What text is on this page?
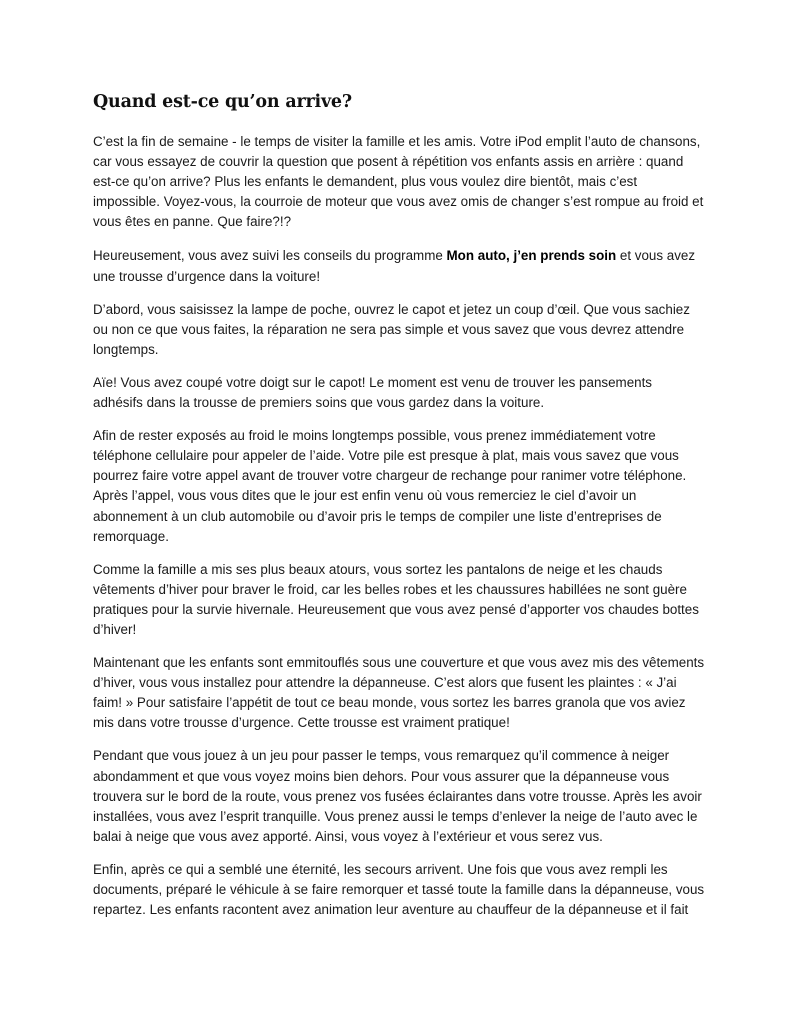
Quand est-ce qu’on arrive?

C’est la fin de semaine - le temps de visiter la famille et les amis. Votre iPod emplit l’auto de chansons, car vous essayez de couvrir la question que posent à répétition vos enfants assis en arrière : quand est-ce qu’on arrive? Plus les enfants le demandent, plus vous voulez dire bientôt, mais c’est impossible. Voyez-vous, la courroie de moteur que vous avez omis de changer s’est rompue au froid et vous êtes en panne. Que faire?!?

Heureusement, vous avez suivi les conseils du programme Mon auto, j’en prends soin et vous avez une trousse d’urgence dans la voiture!

D’abord, vous saisissez la lampe de poche, ouvrez le capot et jetez un coup d’œil. Que vous sachiez ou non ce que vous faites, la réparation ne sera pas simple et vous savez que vous devrez attendre longtemps.

Aïe! Vous avez coupé votre doigt sur le capot! Le moment est venu de trouver les pansements adhésifs dans la trousse de premiers soins que vous gardez dans la voiture.

Afin de rester exposés au froid le moins longtemps possible, vous prenez immédiatement votre téléphone cellulaire pour appeler de l’aide. Votre pile est presque à plat, mais vous savez que vous pourrez faire votre appel avant de trouver votre chargeur de rechange pour ranimer votre téléphone. Après l’appel, vous vous dites que le jour est enfin venu où vous remerciez le ciel d’avoir un abonnement à un club automobile ou d’avoir pris le temps de compiler une liste d’entreprises de remorquage.

Comme la famille a mis ses plus beaux atours, vous sortez les pantalons de neige et les chauds vêtements d’hiver pour braver le froid, car les belles robes et les chaussures habillées ne sont guère pratiques pour la survie hivernale. Heureusement que vous avez pensé d’apporter vos chaudes bottes d’hiver!

Maintenant que les enfants sont emmitouflés sous une couverture et que vous avez mis des vêtements d’hiver, vous vous installez pour attendre la dépanneuse. C’est alors que fusent les plaintes : « J’ai faim! » Pour satisfaire l’appétit de tout ce beau monde, vous sortez les barres granola que vos aviez mis dans votre trousse d’urgence. Cette trousse est vraiment pratique!

Pendant que vous jouez à un jeu pour passer le temps, vous remarquez qu’il commence à neiger abondamment et que vous voyez moins bien dehors. Pour vous assurer que la dépanneuse vous trouvera sur le bord de la route, vous prenez vos fusées éclairantes dans votre trousse. Après les avoir installées, vous avez l’esprit tranquille. Vous prenez aussi le temps d’enlever la neige de l’auto avec le balai à neige que vous avez apporté. Ainsi, vous voyez à l’extérieur et vous serez vus.

Enfin, après ce qui a semblé une éternité, les secours arrivent. Une fois que vous avez rempli les documents, préparé le véhicule à se faire remorquer et tassé toute la famille dans la dépanneuse, vous repartez. Les enfants racontent avez animation leur aventure au chauffeur de la dépanneuse et il fait
